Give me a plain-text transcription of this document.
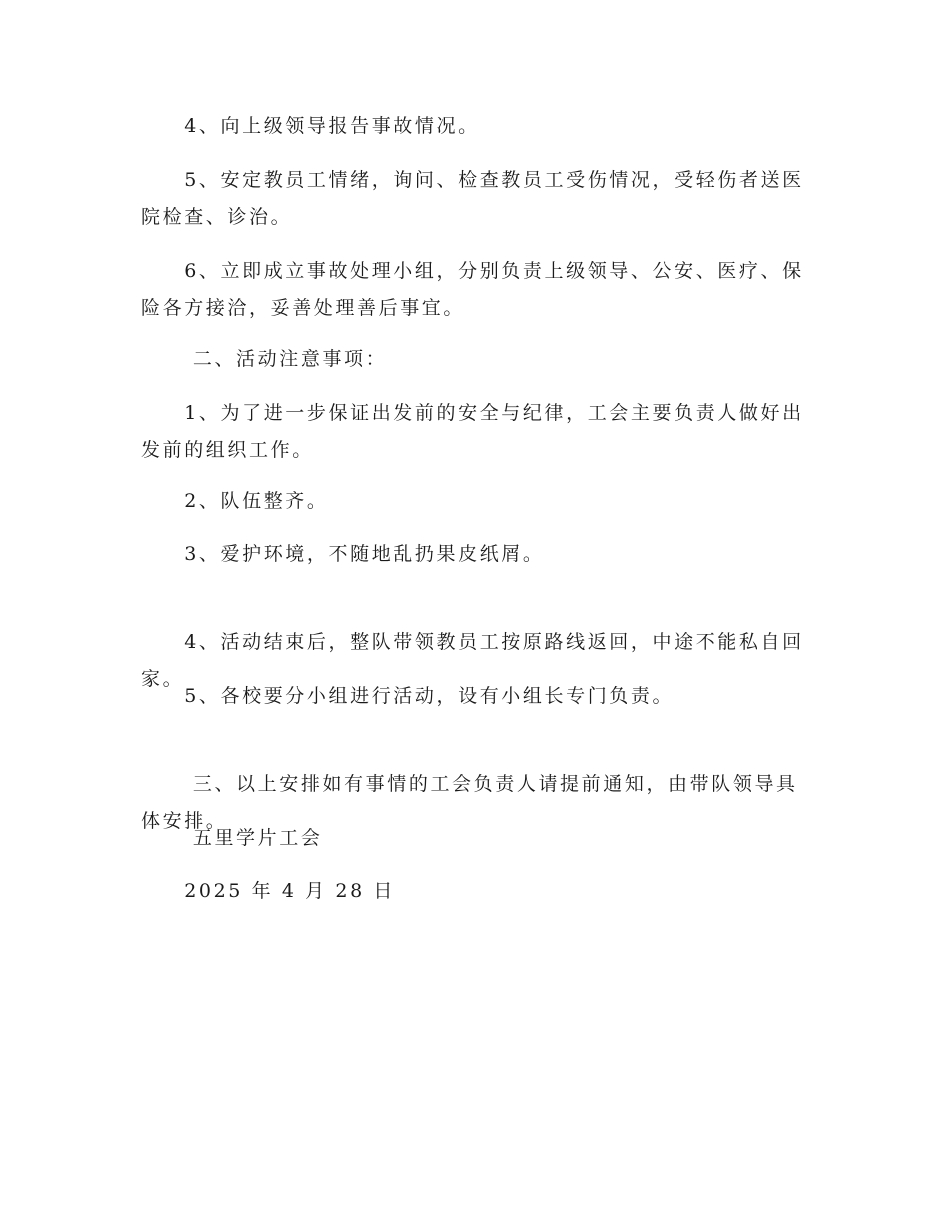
　　4、向上级领导报告事故情况。

　　5、安定教员工情绪，询问、检查教员工受伤情况，受轻伤者送医院检查、诊治。

　　6、立即成立事故处理小组，分别负责上级领导、公安、医疗、保险各方接洽，妥善处理善后事宜。

　　 二、活动注意事项：

　　1、为了进一步保证出发前的安全与纪律，工会主要负责人做好出发前的组织工作。

　　2、队伍整齐。

　　3、爱护环境，不随地乱扔果皮纸屑。

　　4、活动结束后，整队带领教员工按原路线返回，中途不能私自回家。

　　5、各校要分小组进行活动，设有小组长专门负责。

　　 三、以上安排如有事情的工会负责人请提前通知，由带队领导具体安排。

　　 五里学片工会

　　2025 年 4 月 28 日
